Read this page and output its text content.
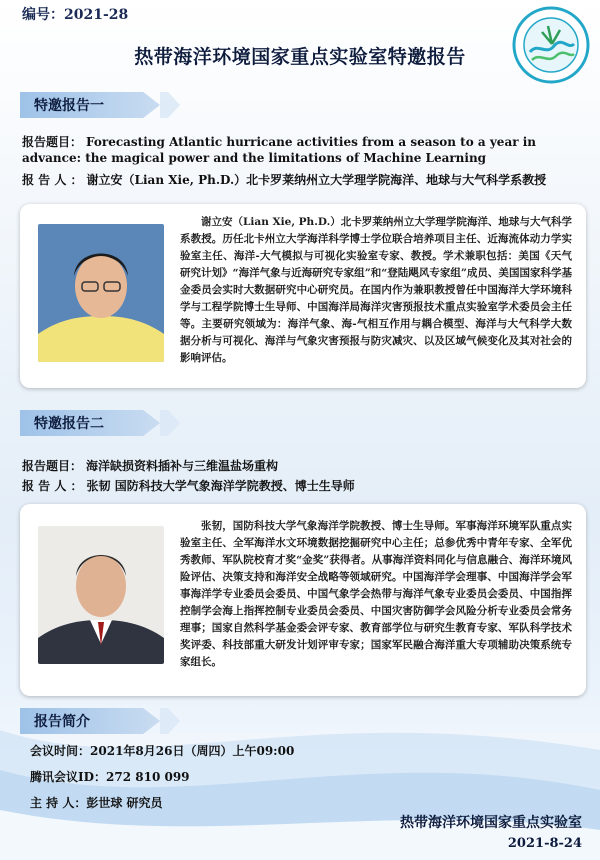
编号：2021-28
热带海洋环境国家重点实验室特邀报告
特邀报告一
报告题目： Forecasting Atlantic hurricane activities from a season to a year in advance: the magical power and the limitations of Machine Learning
报 告 人 ： 谢立安（Lian Xie, Ph.D.）北卡罗莱纳州立大学理学院海洋、地球与大气科学系教授
谢立安（Lian Xie, Ph.D.）北卡罗莱纳州立大学理学院海洋、地球与大气科学系教授。历任北卡州立大学海洋科学博士学位联合培养项目主任、近海流体动力学实验室主任、海洋-大气模拟与可视化实验室专家、教授。学术兼职包括：美国《天气研究计划》“海洋气象与近海研究专家组”和“登陆飓风专家组”成员、美国国家科学基金委员会实时大数据研究中心研究员。在国内作为兼职教授曾任中国海洋大学环境科学与工程学院博士生导师、中国海洋局海洋灾害预报技术重点实验室学术委员会主任等。主要研究领域为：海洋气象、海-气相互作用与耦合模型、海洋与大气科学大数据分析与可视化、海洋与气象灾害预报与防灾减灾、以及区域气候变化及其对社会的影响评估。
特邀报告二
报告题目： 海洋缺损资料插补与三维温盐场重构
报 告 人 ： 张韧 国防科技大学气象海洋学院教授、博士生导师
张韧，国防科技大学气象海洋学院教授、博士生导师。军事海洋环境军队重点实验室主任、全军海洋水文环境数据挖掘研究中心主任；总参优秀中青年专家、全军优秀教师、军队院校育才奖“金奖”获得者。从事海洋资料同化与信息融合、海洋环境风险评估、决策支持和海洋安全战略等领域研究。中国海洋学会理事、中国海洋学会军事海洋学专业委员会委员、中国气象学会热带与海洋气象专业委员会委员、中国指挥控制学会海上指挥控制专业委员会委员、中国灾害防御学会风险分析专业委员会常务理事；国家自然科学基金委会评专家、教育部学位与研究生教育专家、军队科学技术奖评委、科技部重大研发计划评审专家；国家军民融合海洋重大专项辅助决策系统专家组长。
报告简介
会议时间：2021年8月26日（周四）上午09:00
腾讯会议ID：272 810 099
主 持 人：彭世球 研究员
热带海洋环境国家重点实验室
2021-8-24
